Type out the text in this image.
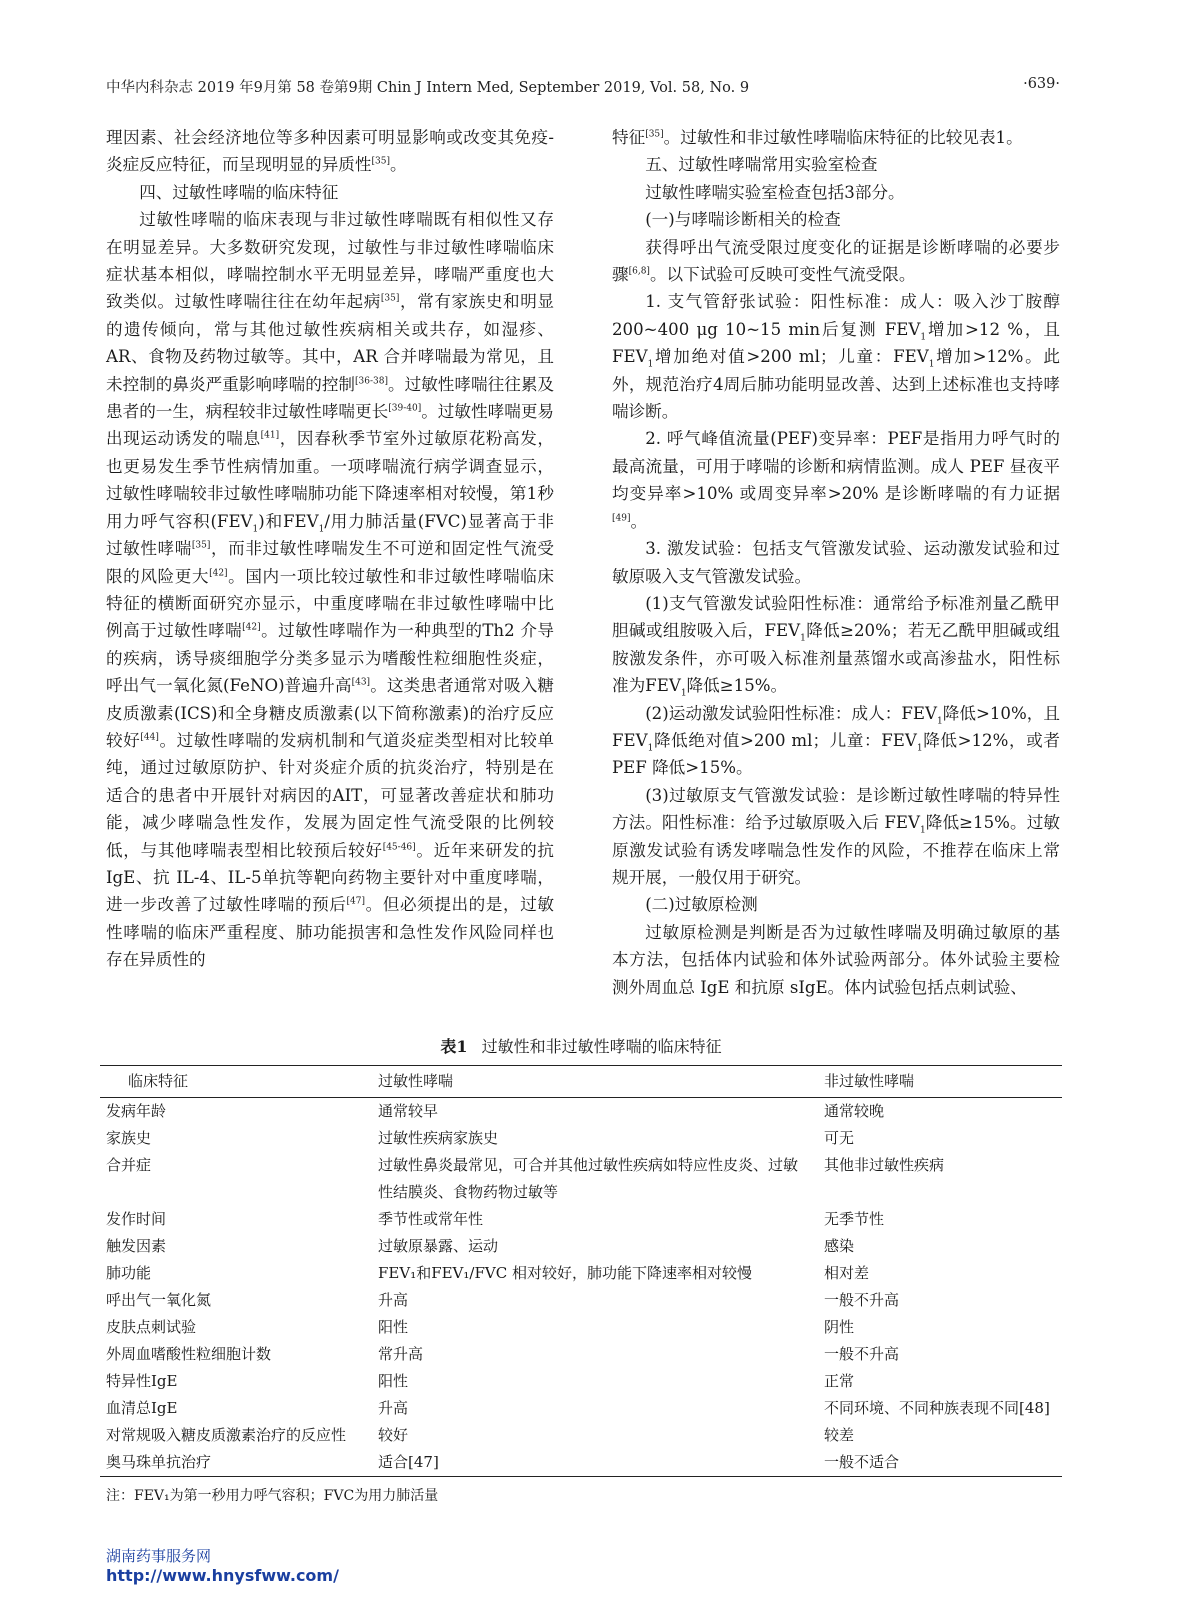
中华内科杂志 2019 年9月第 58 卷第9期 Chin J Intern Med, September 2019, Vol. 58, No. 9	·639·

理因素、社会经济地位等多种因素可明显影响或改变其免疫-炎症反应特征，而呈现明显的异质性[35]。

四、过敏性哮喘的临床特征

过敏性哮喘的临床表现与非过敏性哮喘既有相似性又存在明显差异。大多数研究发现，过敏性与非过敏性哮喘临床症状基本相似，哮喘控制水平无明显差异，哮喘严重度也大致类似。过敏性哮喘往往在幼年起病[35]，常有家族史和明显的遗传倾向，常与其他过敏性疾病相关或共存，如湿疹、AR、食物及药物过敏等。其中，AR 合并哮喘最为常见，且未控制的鼻炎严重影响哮喘的控制[36-38]。过敏性哮喘往往累及患者的一生，病程较非过敏性哮喘更长[39-40]。过敏性哮喘更易出现运动诱发的喘息[41]，因春秋季节室外过敏原花粉高发，也更易发生季节性病情加重。一项哮喘流行病学调查显示，过敏性哮喘较非过敏性哮喘肺功能下降速率相对较慢，第1秒用力呼气容积$(FEV_1)$和$FEV_1/$用力肺活量(FVC)显著高于非过敏性哮喘[35]，而非过敏性哮喘发生不可逆和固定性气流受限的风险更大[42]。国内一项比较过敏性和非过敏性哮喘临床特征的横断面研究亦显示，中重度哮喘在非过敏性哮喘中比例高于过敏性哮喘[42]。过敏性哮喘作为一种典型的Th2 介导的疾病，诱导痰细胞学分类多显示为嗜酸性粒细胞性炎症，呼出气一氧化氮(FeNO)普遍升高[43]。这类患者通常对吸入糖皮质激素(ICS)和全身糖皮质激素(以下简称激素)的治疗反应较好[44]。过敏性哮喘的发病机制和气道炎症类型相对比较单纯，通过过敏原防护、针对炎症介质的抗炎治疗，特别是在适合的患者中开展针对病因的AIT，可显著改善症状和肺功能，减少哮喘急性发作，发展为固定性气流受限的比例较低，与其他哮喘表型相比较预后较好[45-46]。近年来研发的抗 IgE、抗 IL-4、IL-5单抗等靶向药物主要针对中重度哮喘，进一步改善了过敏性哮喘的预后[47]。但必须提出的是，过敏性哮喘的临床严重程度、肺功能损害和急性发作风险同样也存在异质性的

特征[35]。过敏性和非过敏性哮喘临床特征的比较见表1。

五、过敏性哮喘常用实验室检查

过敏性哮喘实验室检查包括3部分。

(一)与哮喘诊断相关的检查

获得呼出气流受限过度变化的证据是诊断哮喘的必要步骤[6,8]。以下试验可反映可变性气流受限。

1. 支气管舒张试验：阳性标准：成人：吸入沙丁胺醇200~400 μg 10~15 min后复测 $FEV_1$增加>12 %，且 $FEV_1$增加绝对值>200 ml；儿童：$FEV_1$增加>12%。此外，规范治疗4周后肺功能明显改善、达到上述标准也支持哮喘诊断。

2. 呼气峰值流量(PEF)变异率：PEF是指用力呼气时的最高流量，可用于哮喘的诊断和病情监测。成人 PEF 昼夜平均变异率>10% 或周变异率>20% 是诊断哮喘的有力证据[49]。

3. 激发试验：包括支气管激发试验、运动激发试验和过敏原吸入支气管激发试验。

(1)支气管激发试验阳性标准：通常给予标准剂量乙酰甲胆碱或组胺吸入后，$FEV_1$降低≥20%；若无乙酰甲胆碱或组胺激发条件，亦可吸入标准剂量蒸馏水或高渗盐水，阳性标准为$FEV_1$降低≥15%。

(2)运动激发试验阳性标准：成人：$FEV_1$降低>10%，且 $FEV_1$降低绝对值>200 ml；儿童：$FEV_1$降低>12%，或者 PEF 降低>15%。

(3)过敏原支气管激发试验：是诊断过敏性哮喘的特异性方法。阳性标准：给予过敏原吸入后 $FEV_1$降低≥15%。过敏原激发试验有诱发哮喘急性发作的风险，不推荐在临床上常规开展，一般仅用于研究。

(二)过敏原检测

过敏原检测是判断是否为过敏性哮喘及明确过敏原的基本方法，包括体内试验和体外试验两部分。体外试验主要检测外周血总 IgE 和抗原 sIgE。体内试验包括点刺试验、

表1 过敏性和非过敏性哮喘的临床特征
临床特征	过敏性哮喘	非过敏性哮喘
发病年龄	通常较早	通常较晚
家族史	过敏性疾病家族史	可无
合并症	过敏性鼻炎最常见，可合并其他过敏性疾病如特应性皮炎、过敏性结膜炎、食物药物过敏等	其他非过敏性疾病
发作时间	季节性或常年性	无季节性
触发因素	过敏原暴露、运动	感染
肺功能	FEV₁和FEV₁/FVC 相对较好，肺功能下降速率相对较慢	相对差
呼出气一氧化氮	升高	一般不升高
皮肤点刺试验	阳性	阴性
外周血嗜酸性粒细胞计数	常升高	一般不升高
特异性IgE	阳性	正常
血清总IgE	升高	不同环境、不同种族表现不同[48]
对常规吸入糖皮质激素治疗的反应性	较好	较差
奥马珠单抗治疗	适合[47]	一般不适合
注：FEV₁为第一秒用力呼气容积；FVC为用力肺活量
湖南药事服务网
http://www.hnysfww.com/
